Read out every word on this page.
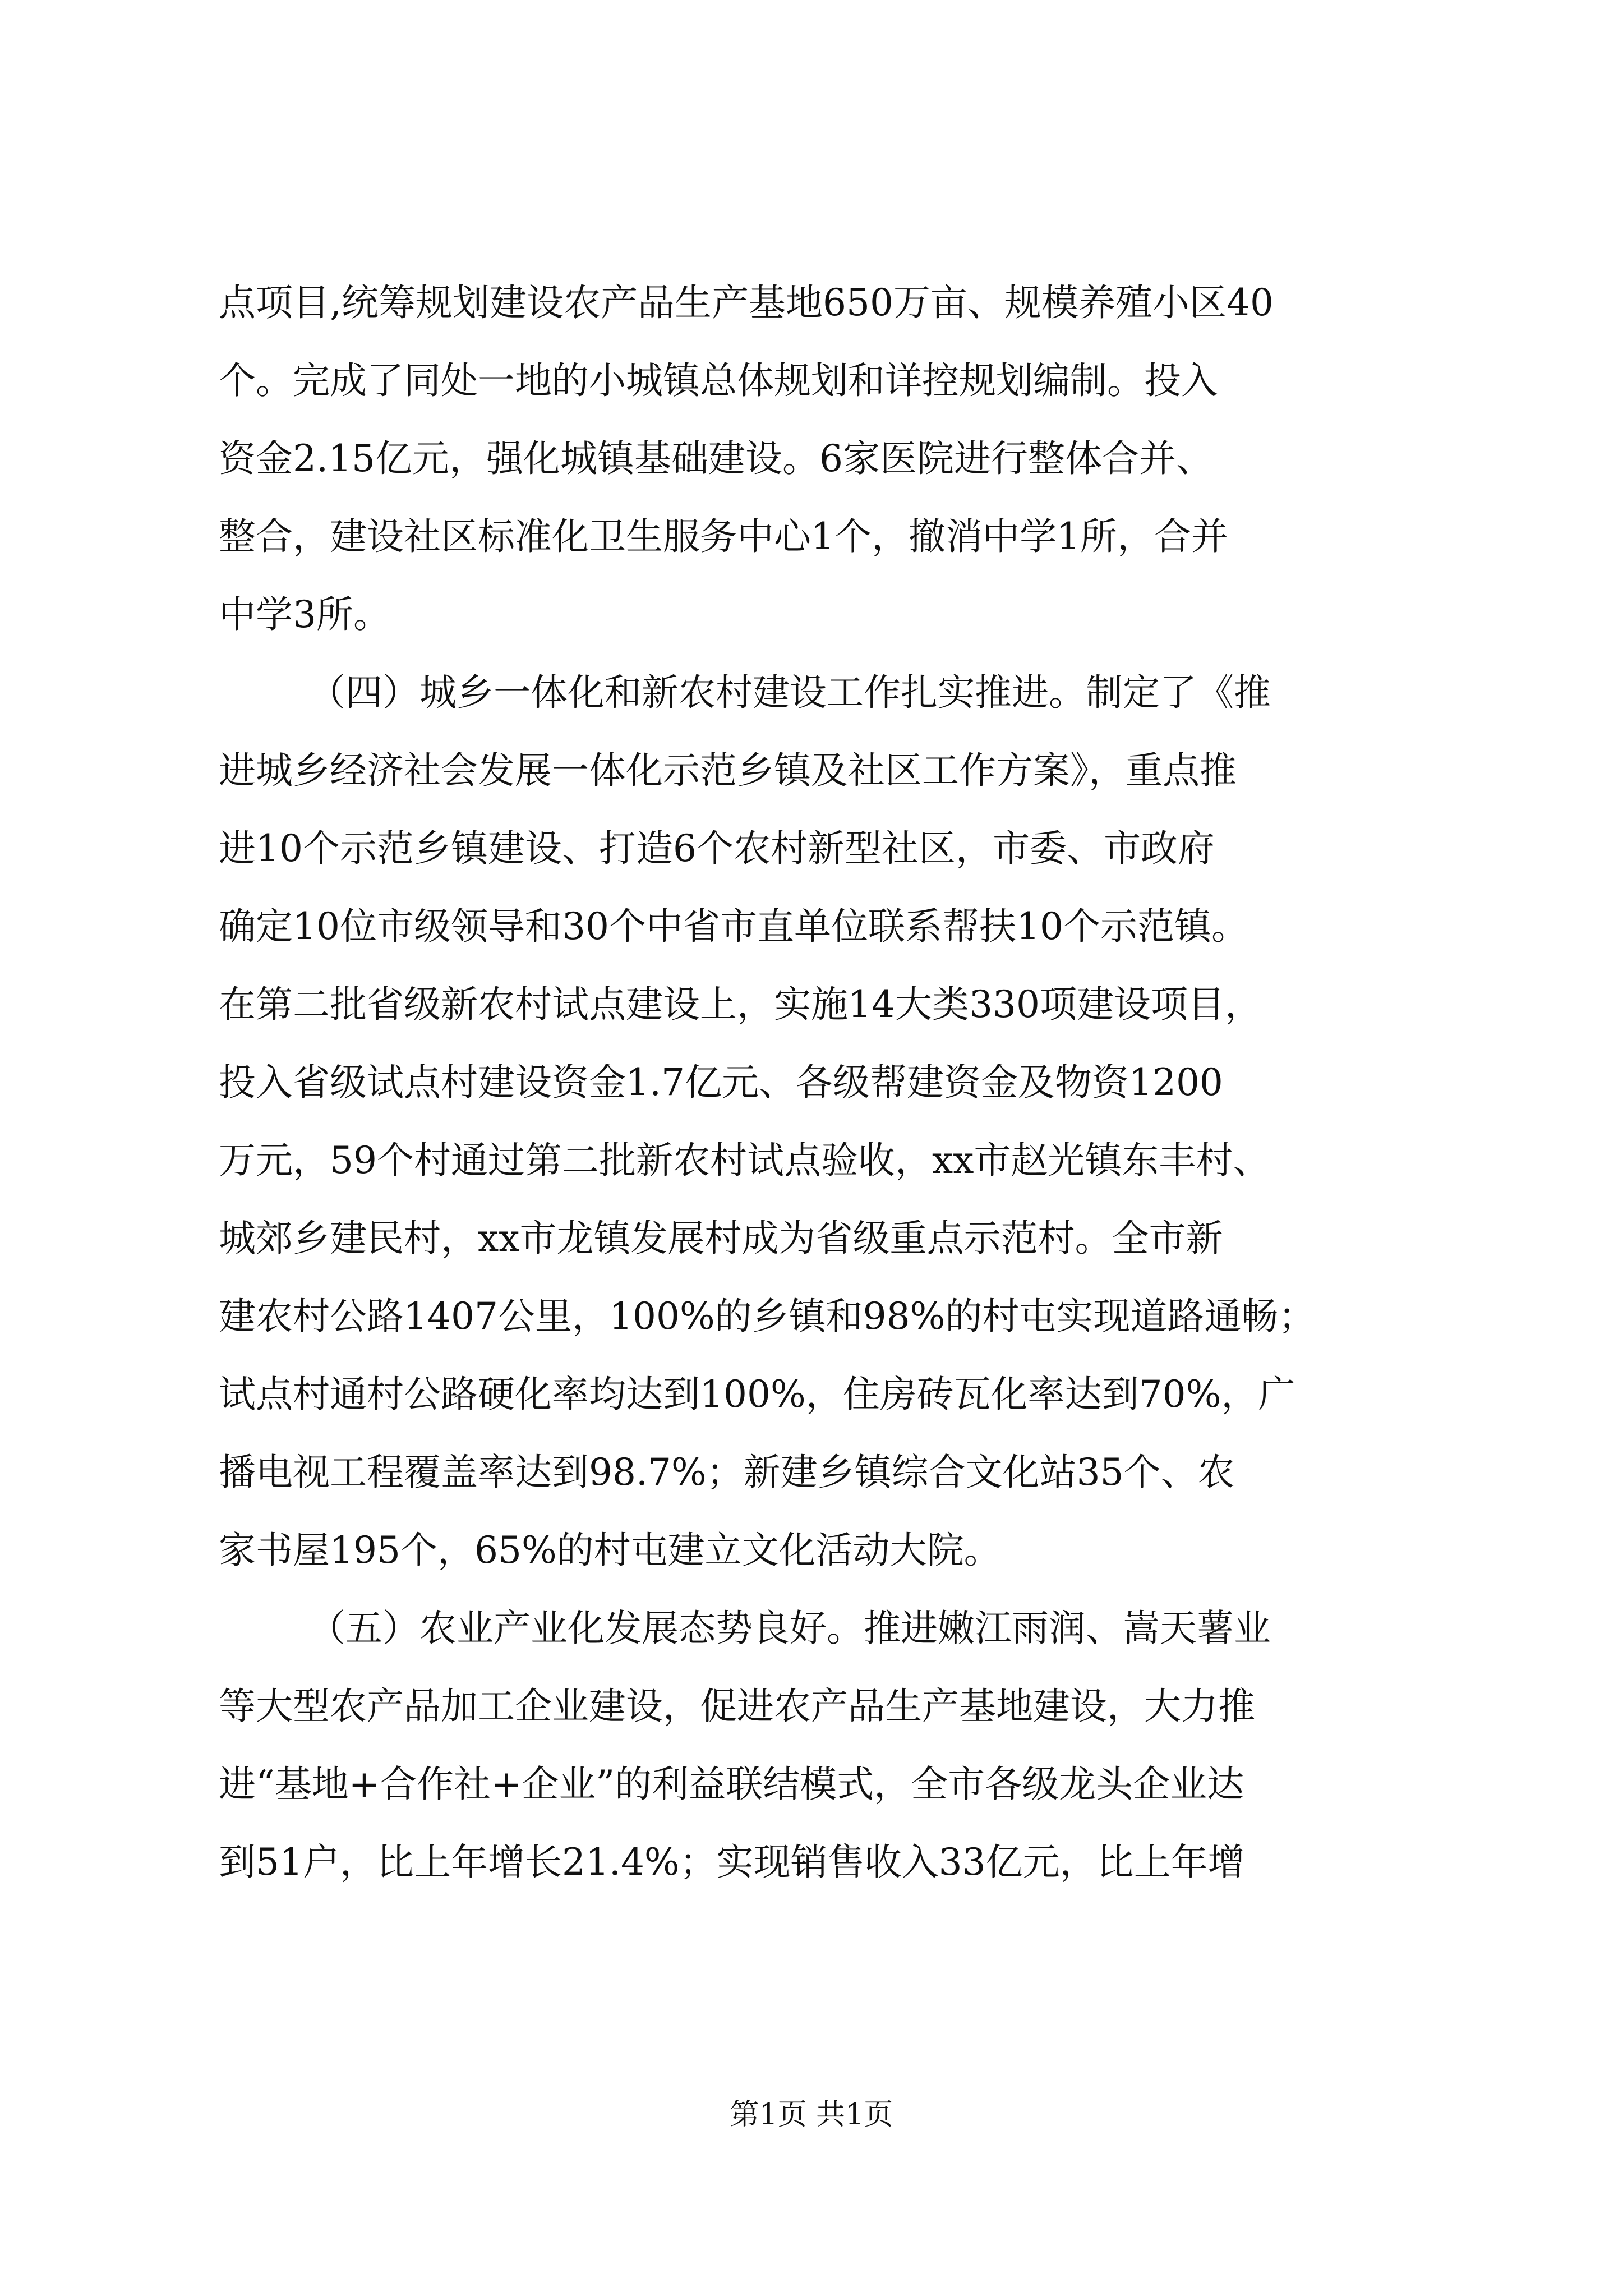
点项目,统筹规划建设农产品生产基地650万亩、规模养殖小区40
个。完成了同处一地的小城镇总体规划和详控规划编制。投入
资金2.15亿元，强化城镇基础建设。6家医院进行整体合并、
整合，建设社区标准化卫生服务中心1个，撤消中学1所，合并
中学3所。
（四）城乡一体化和新农村建设工作扎实推进。制定了《推
进城乡经济社会发展一体化示范乡镇及社区工作方案》，重点推
进10个示范乡镇建设、打造6个农村新型社区，市委、市政府
确定10位市级领导和30个中省市直单位联系帮扶10个示范镇。
在第二批省级新农村试点建设上，实施14大类330项建设项目，
投入省级试点村建设资金1.7亿元、各级帮建资金及物资1200
万元，59个村通过第二批新农村试点验收，xx市赵光镇东丰村、
城郊乡建民村，xx市龙镇发展村成为省级重点示范村。全市新
建农村公路1407公里，100%的乡镇和98%的村屯实现道路通畅；
试点村通村公路硬化率均达到100%，住房砖瓦化率达到70%，广
播电视工程覆盖率达到98.7%；新建乡镇综合文化站35个、农
家书屋195个，65%的村屯建立文化活动大院。
（五）农业产业化发展态势良好。推进嫩江雨润、嵩天薯业
等大型农产品加工企业建设，促进农产品生产基地建设，大力推
进“基地+合作社+企业”的利益联结模式，全市各级龙头企业达
到51户，比上年增长21.4%；实现销售收入33亿元，比上年增
第1页 共1页
